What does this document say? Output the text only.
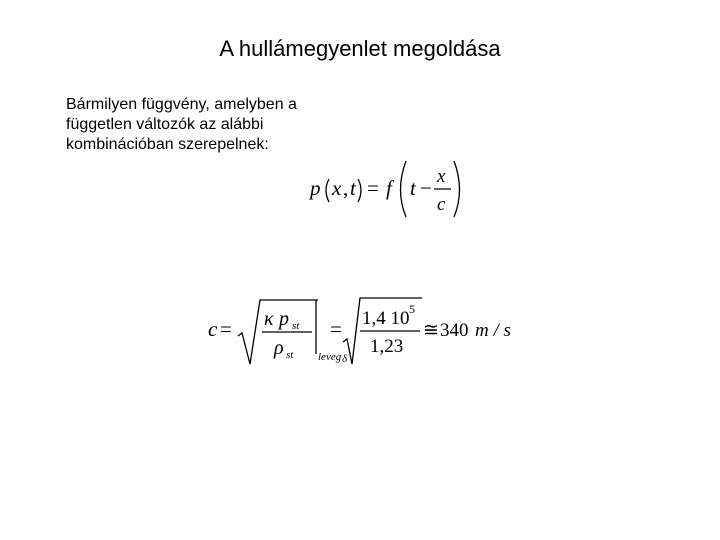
A hullámegyenlet megoldása
Bármilyen függvény, amelyben a
független változók az alábbi
kombinációban szerepelnek:
p x , t = f t − x
c
c = κ p st
ρ st leveg
=
δ
1,4 10 5
1,23
≅ 340 m / s
